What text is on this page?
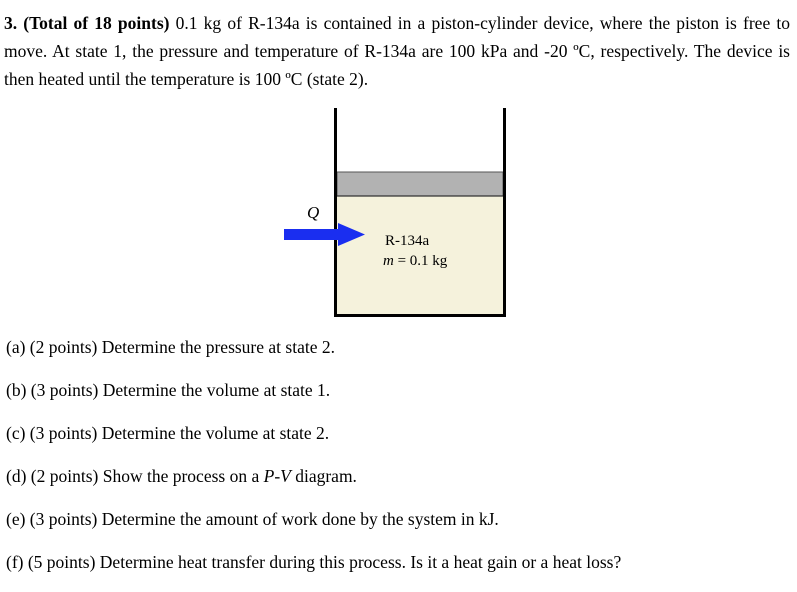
3. (Total of 18 points) 0.1 kg of R-134a is contained in a piston-cylinder device, where the piston is free to move. At state 1, the pressure and temperature of R-134a are 100 kPa and -20 ºC, respectively. The device is then heated until the temperature is 100 ºC (state 2).
Q
R-134a
m = 0.1 kg
(a) (2 points) Determine the pressure at state 2.
(b) (3 points) Determine the volume at state 1.
(c) (3 points) Determine the volume at state 2.
(d) (2 points) Show the process on a P-V diagram.
(e) (3 points) Determine the amount of work done by the system in kJ.
(f) (5 points) Determine heat transfer during this process. Is it a heat gain or a heat loss?
